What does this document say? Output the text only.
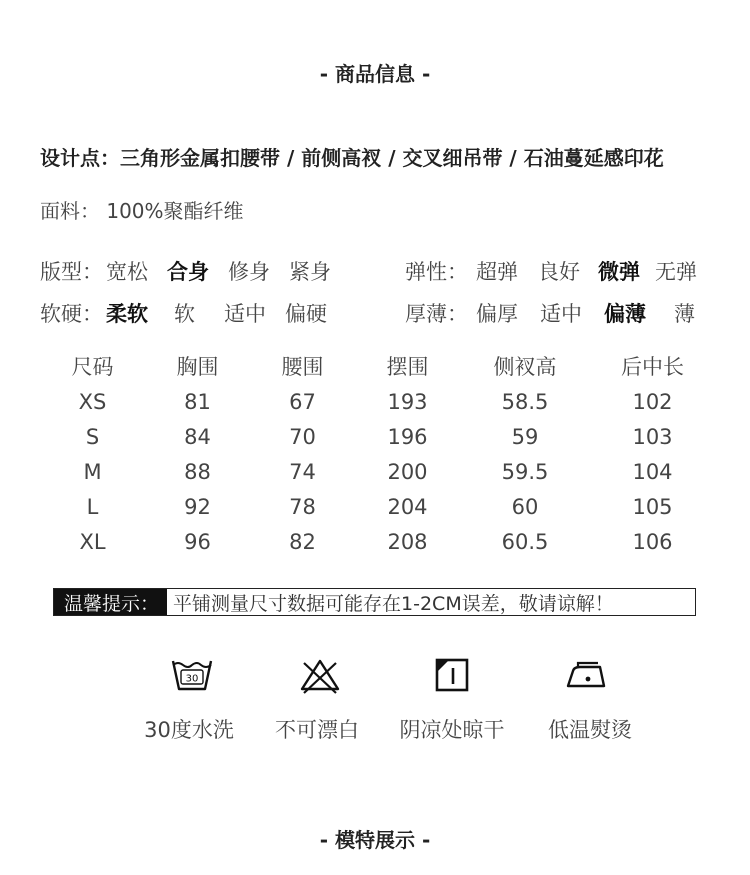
- 商品信息 -
设计点：三角形金属扣腰带 / 前侧高衩 / 交叉细吊带 / 石油蔓延感印花
面料： 100%聚酯纤维
版型： 宽松 合身 修身 紧身	弹性： 超弹 良好 微弹 无弹
软硬： 柔软 软 适中 偏硬	厚薄： 偏厚 适中 偏薄 薄
尺码	胸围	腰围	摆围	侧衩高	后中长
XS	81	67	193	58.5	102
S	84	70	196	59	103
M	88	74	200	59.5	104
L	92	78	204	60	105
XL	96	82	208	60.5	106
温馨提示： 平铺测量尺寸数据可能存在1-2CM误差，敬请谅解！
30
30度水洗	不可漂白	阴凉处晾干	低温熨烫
- 模特展示 -
